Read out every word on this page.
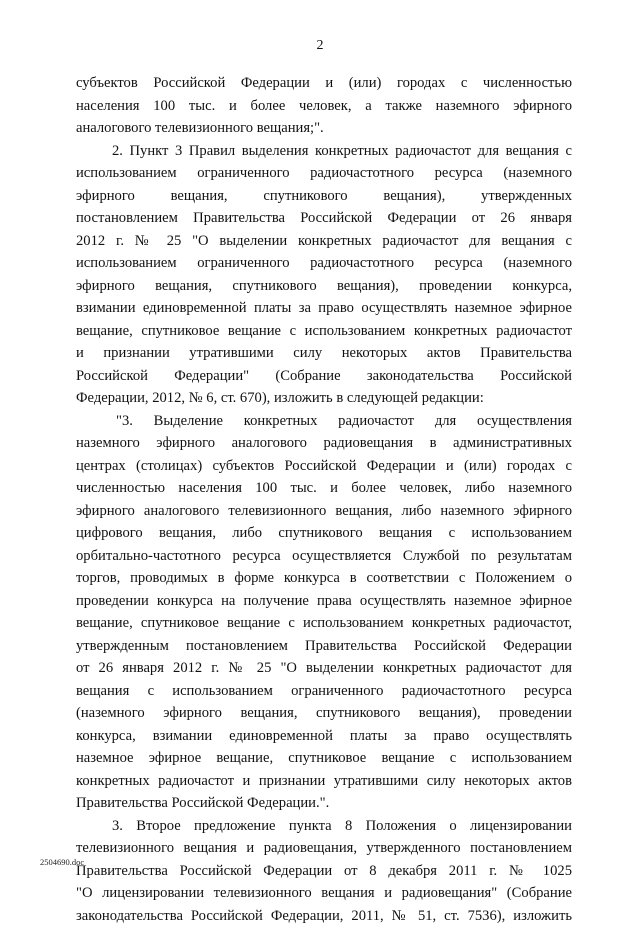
2
субъектов Российской Федерации и (или) городах с численностью
населения 100 тыс. и более человек, а также наземного эфирного
аналогового телевизионного вещания;".
2. Пункт 3 Правил выделения конкретных радиочастот для вещания с
использованием ограниченного радиочастотного ресурса (наземного
эфирного вещания, спутникового вещания), утвержденных
постановлением Правительства Российской Федерации от 26 января
2012 г. № 25 "О выделении конкретных радиочастот для вещания с
использованием ограниченного радиочастотного ресурса (наземного
эфирного вещания, спутникового вещания), проведении конкурса,
взимании единовременной платы за право осуществлять наземное эфирное
вещание, спутниковое вещание с использованием конкретных радиочастот
и признании утратившими силу некоторых актов Правительства
Российской Федерации" (Собрание законодательства Российской
Федерации, 2012, № 6, ст. 670), изложить в следующей редакции:
"3. Выделение конкретных радиочастот для осуществления
наземного эфирного аналогового радиовещания в административных
центрах (столицах) субъектов Российской Федерации и (или) городах с
численностью населения 100 тыс. и более человек, либо наземного
эфирного аналогового телевизионного вещания, либо наземного эфирного
цифрового вещания, либо спутникового вещания с использованием
орбитально-частотного ресурса осуществляется Службой по результатам
торгов, проводимых в форме конкурса в соответствии с Положением о
проведении конкурса на получение права осуществлять наземное эфирное
вещание, спутниковое вещание с использованием конкретных радиочастот,
утвержденным постановлением Правительства Российской Федерации
от 26 января 2012 г. № 25 "О выделении конкретных радиочастот для
вещания с использованием ограниченного радиочастотного ресурса
(наземного эфирного вещания, спутникового вещания), проведении
конкурса, взимании единовременной платы за право осуществлять
наземное эфирное вещание, спутниковое вещание с использованием
конкретных радиочастот и признании утратившими силу некоторых актов
Правительства Российской Федерации.".
3. Второе предложение пункта 8 Положения о лицензировании
телевизионного вещания и радиовещания, утвержденного постановлением
Правительства Российской Федерации от 8 декабря 2011 г. № 1025
"О лицензировании телевизионного вещания и радиовещания" (Собрание
законодательства Российской Федерации, 2011, № 51, ст. 7536), изложить
2504690.doc
